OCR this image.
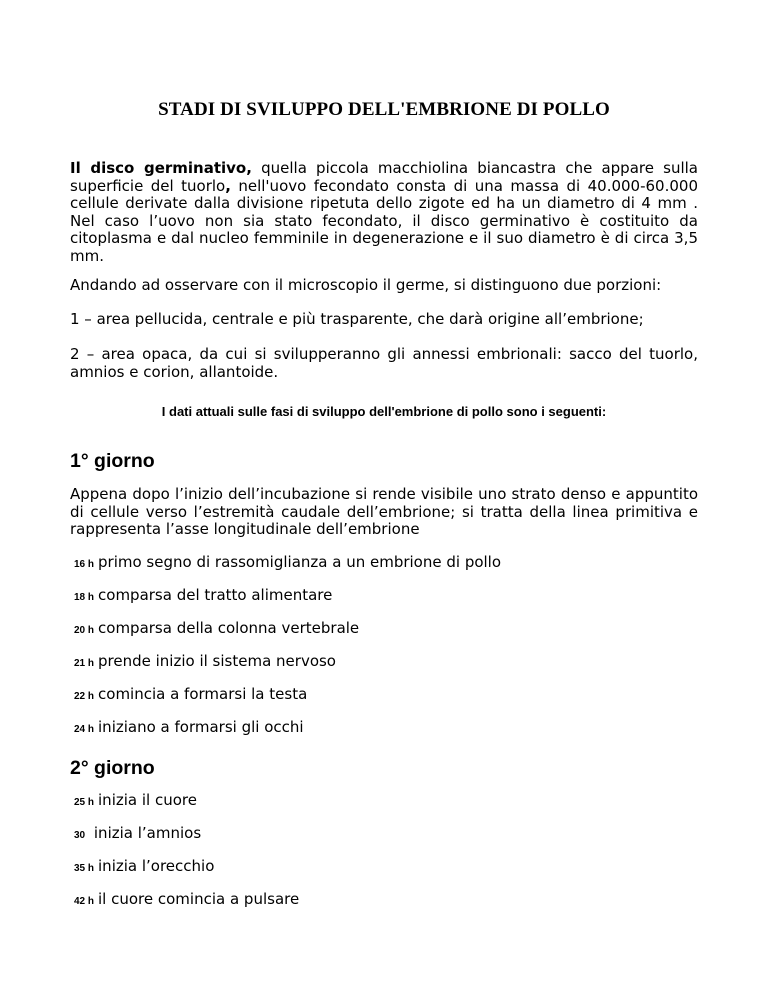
STADI DI SVILUPPO DELL'EMBRIONE DI POLLO

Il disco germinativo, quella piccola macchiolina biancastra che appare sulla superficie del tuorlo, nell'uovo fecondato consta di una massa di 40.000-60.000 cellule derivate dalla divisione ripetuta dello zigote ed ha un diametro di 4 mm . Nel caso l’uovo non sia stato fecondato, il disco germinativo è costituito da citoplasma e dal nucleo femminile in degenerazione e il suo diametro è di circa 3,5 mm.

Andando ad osservare con il microscopio il germe, si distinguono due porzioni:

1 – area pellucida, centrale e più trasparente, che darà origine all’embrione;

2 – area opaca, da cui si svilupperanno gli annessi embrionali: sacco del tuorlo, amnios e corion, allantoide.

I dati attuali sulle fasi di sviluppo dell'embrione di pollo sono i seguenti:

1° giorno

Appena dopo l’inizio dell’incubazione si rende visibile uno strato denso e appuntito di cellule verso l’estremità caudale dell’embrione; si tratta della linea primitiva e rappresenta l’asse longitudinale dell’embrione

16 h primo segno di rassomiglianza a un embrione di pollo
18 h comparsa del tratto alimentare
20 h comparsa della colonna vertebrale
21 h prende inizio il sistema nervoso
22 h comincia a formarsi la testa
24 h iniziano a formarsi gli occhi
2° giorno
25 h inizia il cuore
30 inizia l’amnios
35 h inizia l’orecchio
42 h il cuore comincia a pulsare
